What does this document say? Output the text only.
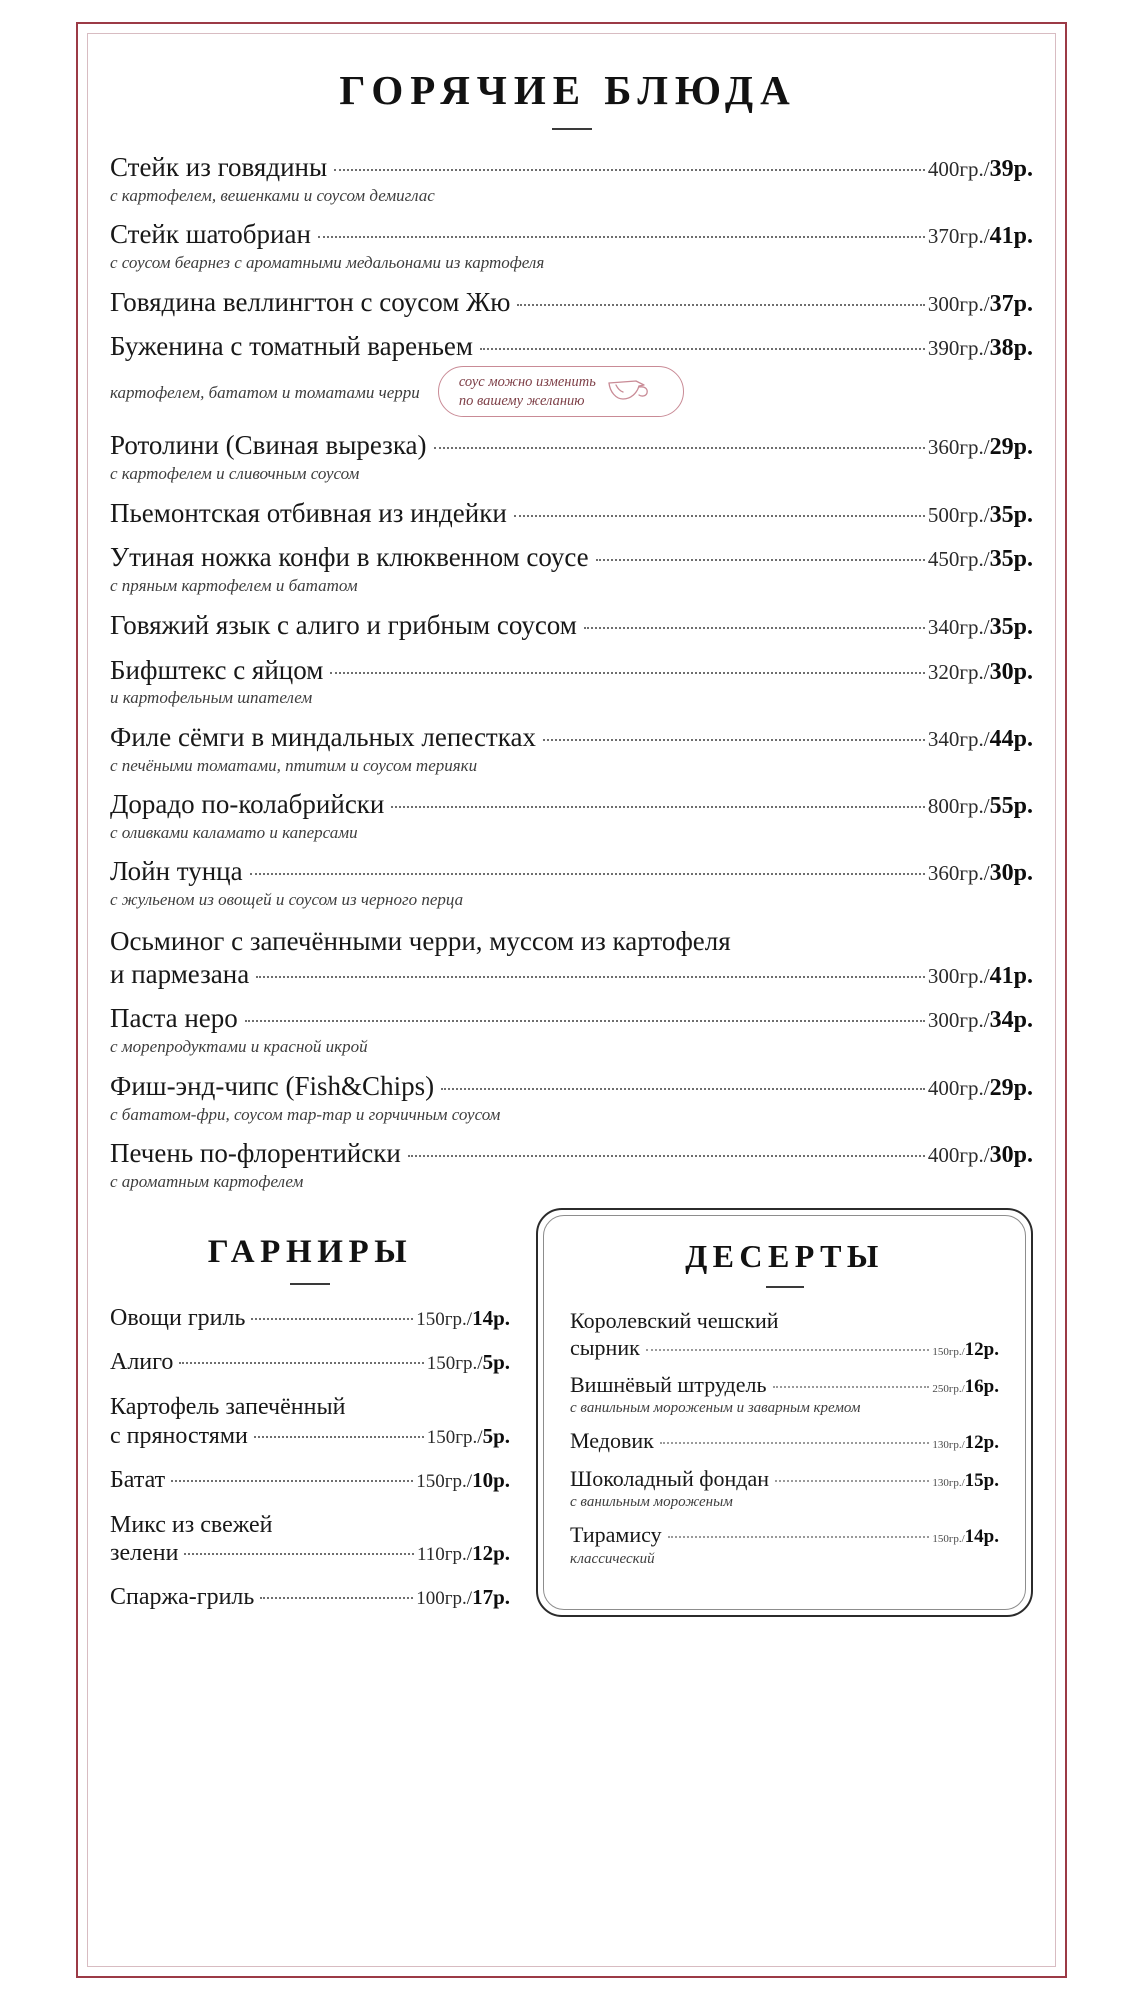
ГОРЯЧИЕ БЛЮДА
Стейк из говядины	400гр./39р.
с картофелем, вешенками и соусом демиглас
Стейк шатобриан	370гр./41р.
с соусом беарнез с ароматными медальонами из картофеля
Говядина веллингтон с соусом Жю	300гр./37р.
Буженина с томатный вареньем	390гр./38р.
картофелем, бататом и томатами черри
соус можно изменить
по вашему желанию
Ротолини (Свиная вырезка)	360гр./29р.
с картофелем и сливочным соусом
Пьемонтская отбивная из индейки	500гр./35р.
Утиная ножка конфи в клюквенном соусе	450гр./35р.
с пряным картофелем и бататом
Говяжий язык с алиго и грибным соусом	340гр./35р.
Бифштекс с яйцом	320гр./30р.
и картофельным шпателем
Филе сёмги в миндальных лепестках	340гр./44р.
с печёными томатами, птитим и соусом терияки
Дорадо по-колабрийски	800гр./55р.
с оливками каламато и каперсами
Лойн тунца	360гр./30р.
с жульеном из овощей и соусом из черного перца
Осьминог с запечёнными черри, муссом из картофеля
и пармезана	300гр./41р.
Паста неро	300гр./34р.
с морепродуктами и красной икрой
Фиш-энд-чипс (Fish&Chips)	400гр./29р.
с бататом-фри, соусом тар-тар и горчичным соусом
Печень по-флорентийски	400гр./30р.
с ароматным картофелем
ГАРНИРЫ
Овощи гриль	150гр./14р.
Алиго	150гр./5р.
Картофель запечённый
с пряностями	150гр./5р.
Батат	150гр./10р.
Микс из свежей
зелени	110гр./12р.
Спаржа-гриль	100гр./17р.
ДЕСЕРТЫ
Королевский чешский
сырник	150гр./12р.
Вишнёвый штрудель	250гр./16р.
с ванильным мороженым и заварным кремом
Медовик	130гр./12р.
Шоколадный фондан	130гр./15р.
с ванильным мороженым
Тирамису	150гр./14р.
классический
